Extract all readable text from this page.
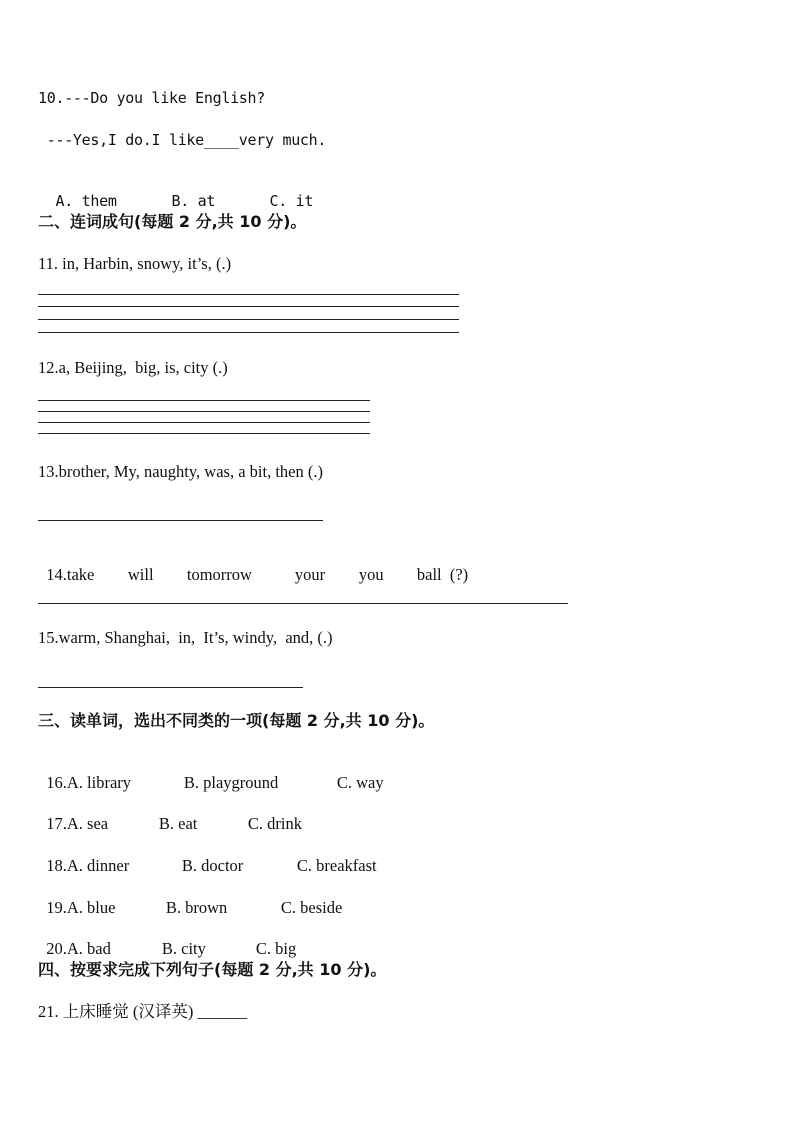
10.---Do you like English?
---Yes,I do.I like____very much.

A. them	B. at	C. it

二、连词成句(每题 2 分,共 10 分)。
11. in, Harbin, snowy, it’s, (.)
12.a, Beijing,  big, is, city (.)
13.brother, My, naughty, was, a bit, then (.)

14.take will tomorrow	your you ball  (?)

15.warm, Shanghai,  in,  It’s, windy,  and, (.)
三、读单词，选出不同类的一项(每题 2 分,共 10 分)。

16.A. library	B. playground	C. way

17.A. sea	B. eat	C. drink

18.A. dinner	B. doctor	C. breakfast

19.A. blue	B. brown	C. beside

20.A. bad	B. city	C. big

四、按要求完成下列句子(每题 2 分,共 10 分)。
21. 上床睡觉 (汉译英) ______
